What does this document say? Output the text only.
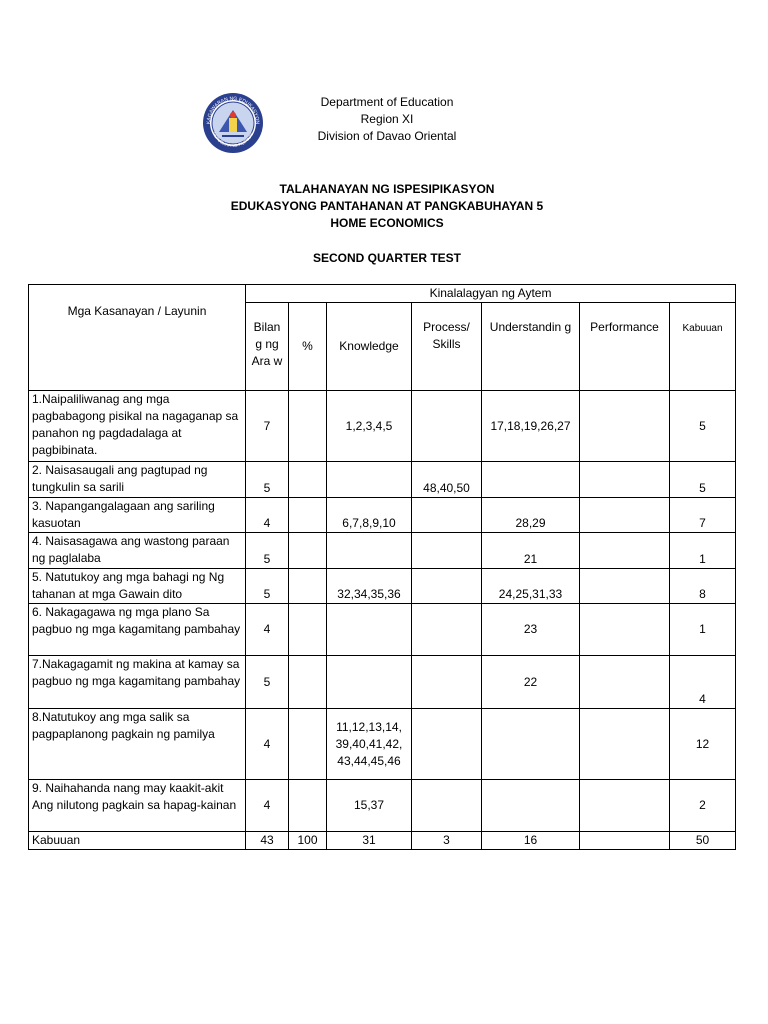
KAGAWARAN NG EDUKASYON
REPUBLIKA NG PILIPINAS
Department of Education
Region XI
Division of Davao Oriental
TALAHANAYAN NG ISPESIPIKASYON
EDUKASYONG PANTAHANAN AT PANGKABUHAYAN 5
HOME ECONOMICS
SECOND QUARTER TEST
Mga Kasanayan / Layunin	Kinalalagyan ng Aytem						
	Bilan g ng Ara w	%	Knowledge	Process/ Skills	Understandin g	Performance	Kabuuan
1.Naipaliliwanag ang mga pagbabagong pisikal na nagaganap sa panahon ng pagdadalaga at pagbibinata.	7		1,2,3,4,5		17,18,19,26,27		5
2. Naisasaugali ang pagtupad ng tungkulin sa sarili	5			48,40,50			5
3. Napangangalagaan ang sariling kasuotan	4		6,7,8,9,10		28,29		7
4. Naisasagawa ang wastong paraan ng paglalaba	5				21		1
5. Natutukoy ang mga bahagi ng Ng tahanan at mga Gawain dito	5		32,34,35,36		24,25,31,33		8
6. Nakagagawa ng mga plano Sa pagbuo ng mga kagamitang pambahay	4				23		1
7.Nakagagamit ng makina at kamay sa pagbuo ng mga kagamitang pambahay	5				22		4
8.Natutukoy ang mga salik sa pagpaplanong pagkain ng pamilya	4		11,12,13,14, 39,40,41,42, 43,44,45,46				12
9. Naihahanda nang may kaakit-akit Ang nilutong pagkain sa hapag-kainan	4		15,37				2
Kabuuan	43	100	31	3	16		50
